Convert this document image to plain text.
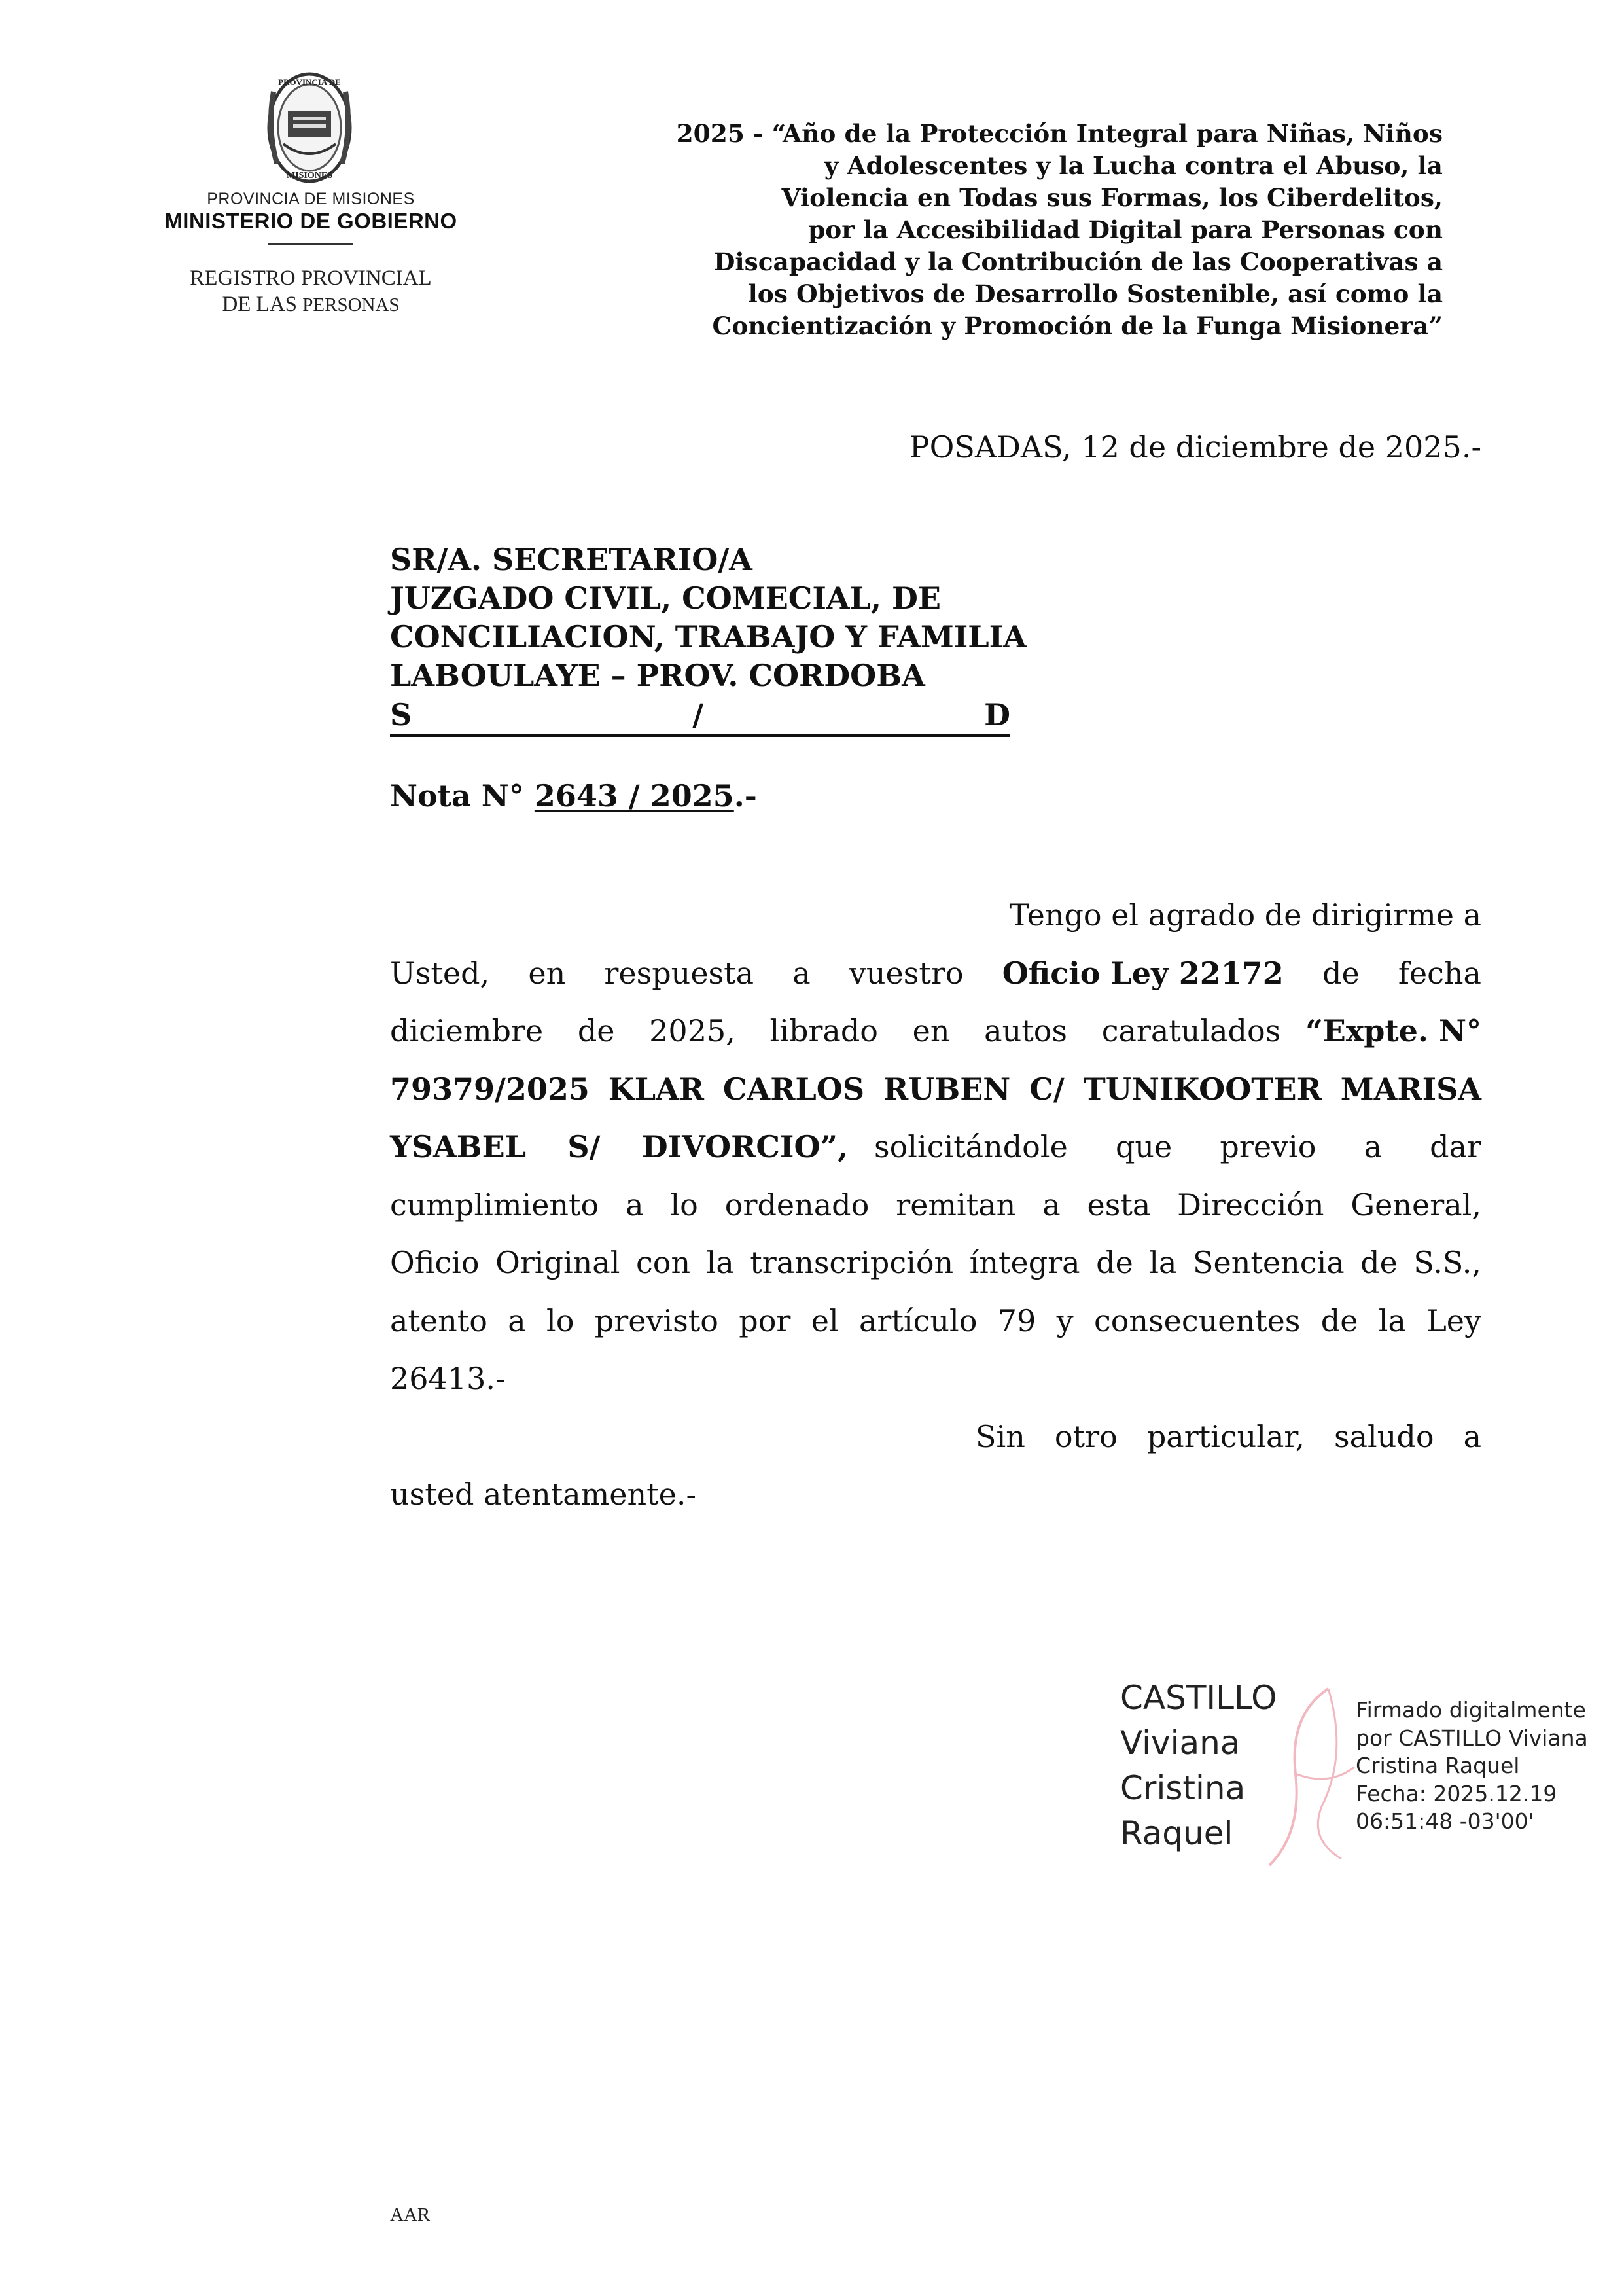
PROVINCIA DE
MISIONES
PROVINCIA DE MISIONES
MINISTERIO DE GOBIERNO
REGISTRO PROVINCIAL
DE LAS PERSONAS
2025 - “Año de la Protección Integral para Niñas, Niños
y Adolescentes y la Lucha contra el Abuso, la
Violencia en Todas sus Formas, los Ciberdelitos,
por la Accesibilidad Digital para Personas con
Discapacidad y la Contribución de las Cooperativas a
los Objetivos de Desarrollo Sostenible, así como la
Concientización y Promoción de la Funga Misionera”
POSADAS, 12 de diciembre de 2025.-
SR/A. SECRETARIO/A
JUZGADO CIVIL, COMECIAL, DE
CONCILIACION, TRABAJO Y FAMILIA
LABOULAYE – PROV. CORDOBA
S	/	D
Nota N° 2643 / 2025.-
Tengo el agrado de dirigirme a
Usted, en respuesta a vuestro Oficio Ley 22172 de fecha
diciembre de 2025, librado en autos caratulados “Expte. N°
79379/2025 KLAR CARLOS RUBEN C/ TUNIKOOTER MARISA
YSABEL S/ DIVORCIO”, solicitándole que previo a dar
cumplimiento a lo ordenado remitan a esta Dirección General,
Oficio Original con la transcripción íntegra de la Sentencia de S.S.,
atento a lo previsto por el artículo 79 y consecuentes de la Ley
26413.-
Sin otro particular, saludo a
usted atentamente.-
CASTILLO
Viviana
Cristina
Raquel
Firmado digitalmente
por CASTILLO Viviana
Cristina Raquel
Fecha: 2025.12.19
06:51:48 -03'00'
AAR
